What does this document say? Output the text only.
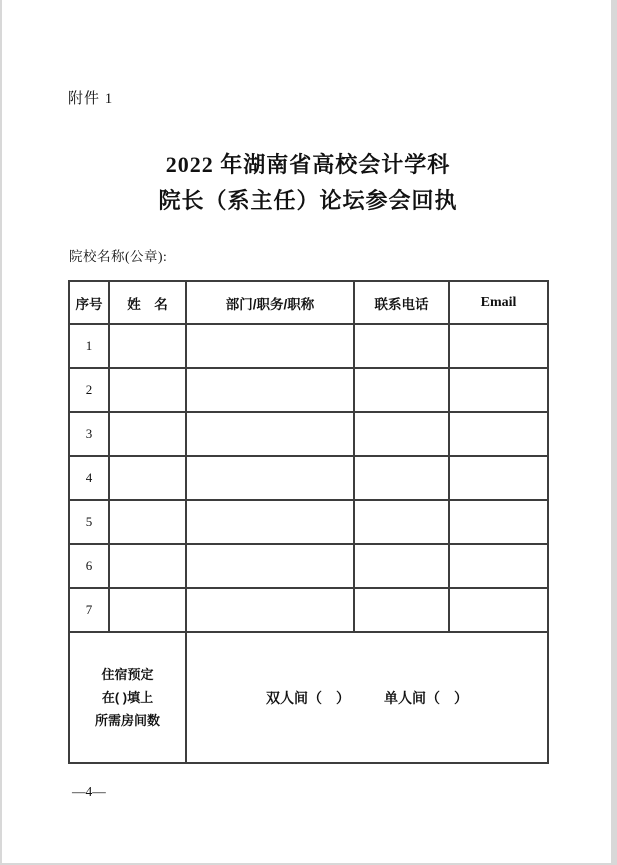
附件 1
2022 年湖南省高校会计学科
院长（系主任）论坛参会回执
院校名称(公章):
序号	姓　名	部门/职务/职称	联系电话	Email
1				
2				
3				
4				
5				
6				
7				

住宿预定
在( )填上
所需房间数

双人间（　） 单人间（　）
—4—
